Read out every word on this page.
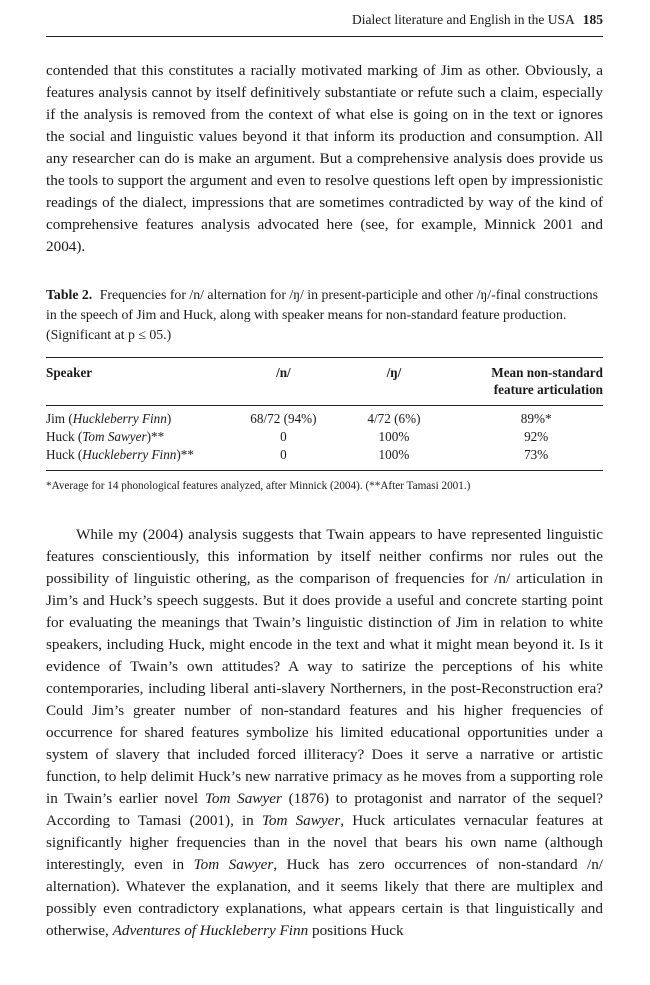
Dialect literature and English in the USA 185

contended that this constitutes a racially motivated marking of Jim as other. Obviously, a features analysis cannot by itself definitively substantiate or refute such a claim, especially if the analysis is removed from the context of what else is going on in the text or ignores the social and linguistic values beyond it that inform its production and consumption. All any researcher can do is make an argument. But a comprehensive analysis does provide us the tools to support the argument and even to resolve questions left open by impressionistic readings of the dialect, impressions that are sometimes contradicted by way of the kind of comprehensive features analysis advocated here (see, for example, Minnick 2001 and 2004).

Table 2. Frequencies for /n/ alternation for /ŋ/ in present-participle and other /ŋ/-final constructions in the speech of Jim and Huck, along with speaker means for non-standard feature production. (Significant at p ≤ 05.)

Speaker	/n/	/ŋ/	Mean non-standard
feature articulation
Jim (Huckleberry Finn)	68/72 (94%)	4/72 (6%)	89%*
Huck (Tom Sawyer)**	0	100%	92%
Huck (Huckleberry Finn)**	0	100%	73%

*Average for 14 phonological features analyzed, after Minnick (2004). (**After Tamasi 2001.)

While my (2004) analysis suggests that Twain appears to have represented linguistic features conscientiously, this information by itself neither confirms nor rules out the possibility of linguistic othering, as the comparison of frequencies for /n/ articulation in Jim’s and Huck’s speech suggests. But it does provide a useful and concrete starting point for evaluating the meanings that Twain’s linguistic distinction of Jim in relation to white speakers, including Huck, might encode in the text and what it might mean beyond it. Is it evidence of Twain’s own attitudes? A way to satirize the perceptions of his white contemporaries, including liberal anti-slavery Northerners, in the post-Reconstruction era? Could Jim’s greater number of non-standard features and his higher frequencies of occurrence for shared features symbolize his limited educational opportunities under a system of slavery that included forced illiteracy? Does it serve a narrative or artistic function, to help delimit Huck’s new narrative primacy as he moves from a supporting role in Twain’s earlier novel Tom Sawyer (1876) to protagonist and narrator of the sequel? According to Tamasi (2001), in Tom Sawyer, Huck articulates vernacular features at significantly higher frequencies than in the novel that bears his own name (although interestingly, even in Tom Sawyer, Huck has zero occurrences of non-standard /n/ alternation). Whatever the explanation, and it seems likely that there are multiplex and possibly even contradictory explanations, what appears certain is that linguistically and otherwise, Adventures of Huckleberry Finn positions Huck
